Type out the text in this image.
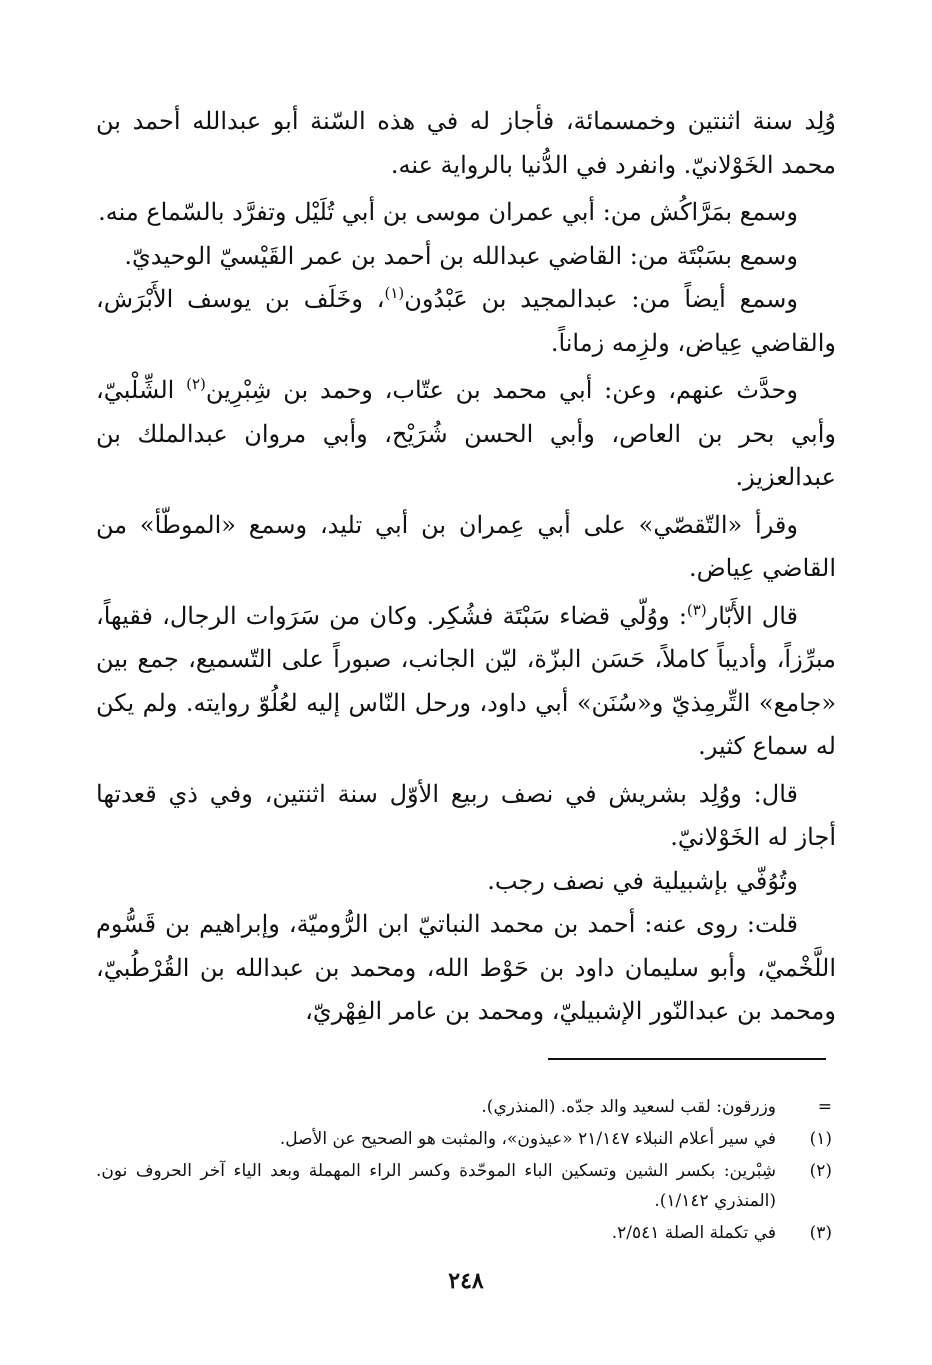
وُلِد سنة اثنتين وخمسمائة، فأجاز له في هذه السّنة أبو عبدالله أحمد بن محمد الخَوْلانيّ. وانفرد في الدُّنيا بالرواية عنه.

وسمع بمَرَّاكُش من: أبي عمران موسى بن أبي تُلَيْل وتفرَّد بالسّماع منه.

وسمع بسَبْتَة من: القاضي عبدالله بن أحمد بن عمر القَيْسيّ الوحيديّ.

وسمع أيضاً من: عبدالمجيد بن عَبْدُون$^{(١)}$، وخَلَف بن يوسف الأَبْرَش، والقاضي عِياض، ولزِمه زماناً.

وحدَّث عنهم، وعن: أبي محمد بن عتّاب، وحمد بن شِبْرِين$^{(٢)}$ الشِّلْبيّ، وأبي بحر بن العاص، وأبي الحسن شُرَيْح، وأبي مروان عبدالملك بن عبدالعزيز.

وقرأ «التّقصّي» على أبي عِمران بن أبي تليد، وسمع «الموطّأ» من القاضي عِياض.

قال الأَبّار$^{(٣)}$: ووُلّي قضاء سَبْتَة فشُكِر. وكان من سَرَوات الرجال، فقيهاً، مبرِّزاً، وأديباً كاملاً، حَسَن البزّة، ليّن الجانب، صبوراً على التّسميع، جمع بين «جامع» التِّرمِذيّ و«سُنَن» أبي داود، ورحل النّاس إليه لعُلُوّ روايته. ولم يكن له سماع كثير.

قال: ووُلِد بشريش في نصف ربيع الأوّل سنة اثنتين، وفي ذي قعدتها أجاز له الخَوْلانيّ.

وتُوُفّي بإشبيلية في نصف رجب.

قلت: روى عنه: أحمد بن محمد النباتيّ ابن الرُّوميّة، وإبراهيم بن قَسُّوم اللَّخْميّ، وأبو سليمان داود بن حَوْط الله، ومحمد بن عبدالله بن القُرْطُبيّ، ومحمد بن عبدالنّور الإشبيليّ، ومحمد بن عامر الفِهْريّ،

=
وزرقون: لقب لسعيد والد جدّه. (المنذري).
(١)
في سير أعلام النبلاء ٢١/١٤٧ «عيذون»، والمثبت هو الصحيح عن الأصل.
(٢)
شِبْرين: بكسر الشين وتسكين الباء الموحّدة وكسر الراء المهملة وبعد الياء آخر الحروف نون. (المنذري ١/١٤٢).
(٣)
في تكملة الصلة ٢/٥٤١.
٢٤٨
